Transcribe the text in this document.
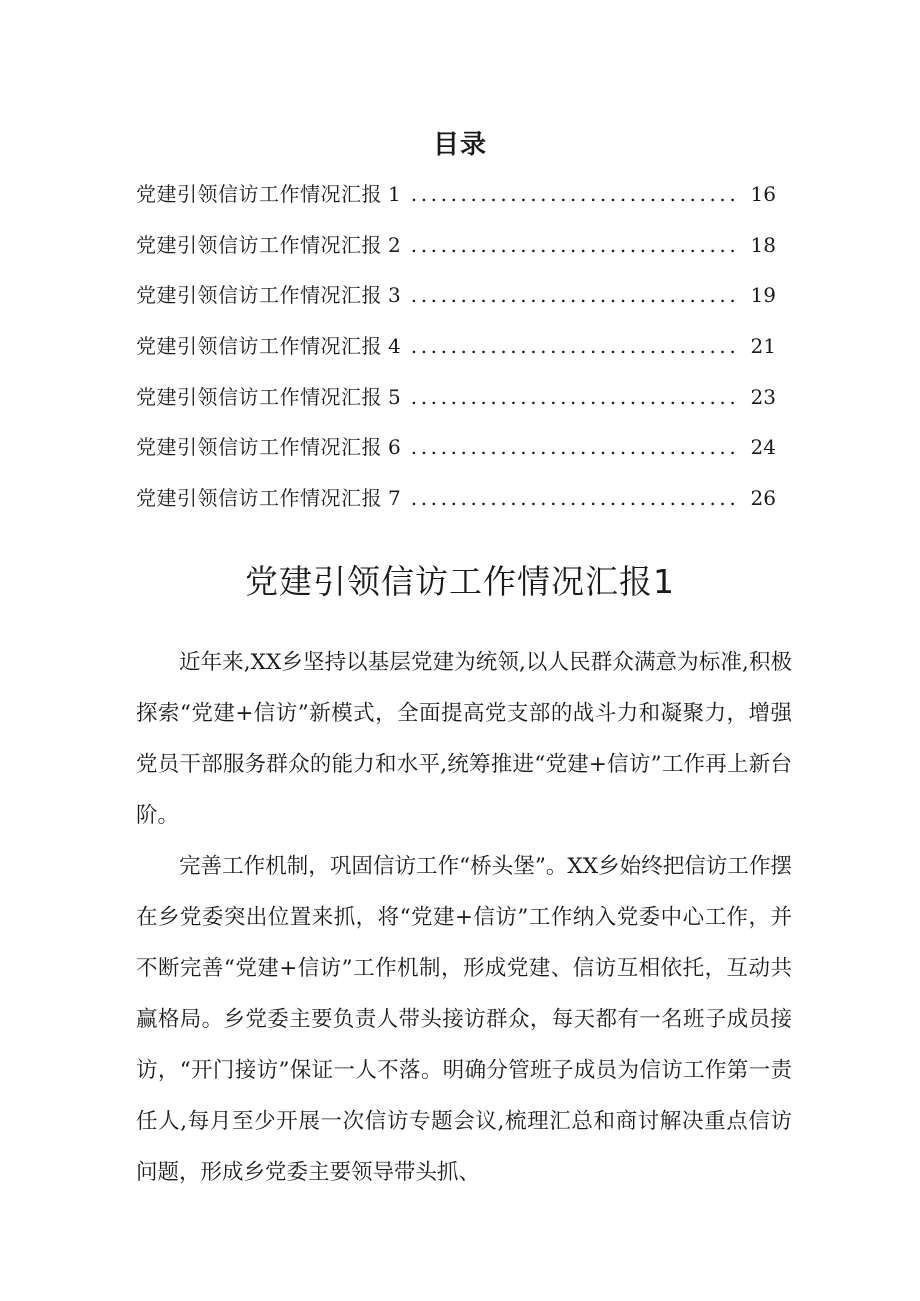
目录
党建引领信访工作情况汇报 1 .....	16
党建引领信访工作情况汇报 2 .....	18
党建引领信访工作情况汇报 3 .....	19
党建引领信访工作情况汇报 4 .....	21
党建引领信访工作情况汇报 5 .....	23
党建引领信访工作情况汇报 6 .....	24
党建引领信访工作情况汇报 7 .....	26
党建引领信访工作情况汇报1

近年来,XX乡坚持以基层党建为统领,以人民群众满意为标准,积极探索“党建+信访”新模式，全面提高党支部的战斗力和凝聚力，增强党员干部服务群众的能力和水平,统筹推进“党建+信访”工作再上新台阶。

完善工作机制，巩固信访工作“桥头堡”。XX乡始终把信访工作摆在乡党委突出位置来抓，将“党建+信访”工作纳入党委中心工作，并不断完善“党建+信访”工作机制，形成党建、信访互相依托，互动共赢格局。乡党委主要负责人带头接访群众，每天都有一名班子成员接访，“开门接访”保证一人不落。明确分管班子成员为信访工作第一责任人,每月至少开展一次信访专题会议,梳理汇总和商讨解决重点信访问题，形成乡党委主要领导带头抓、
